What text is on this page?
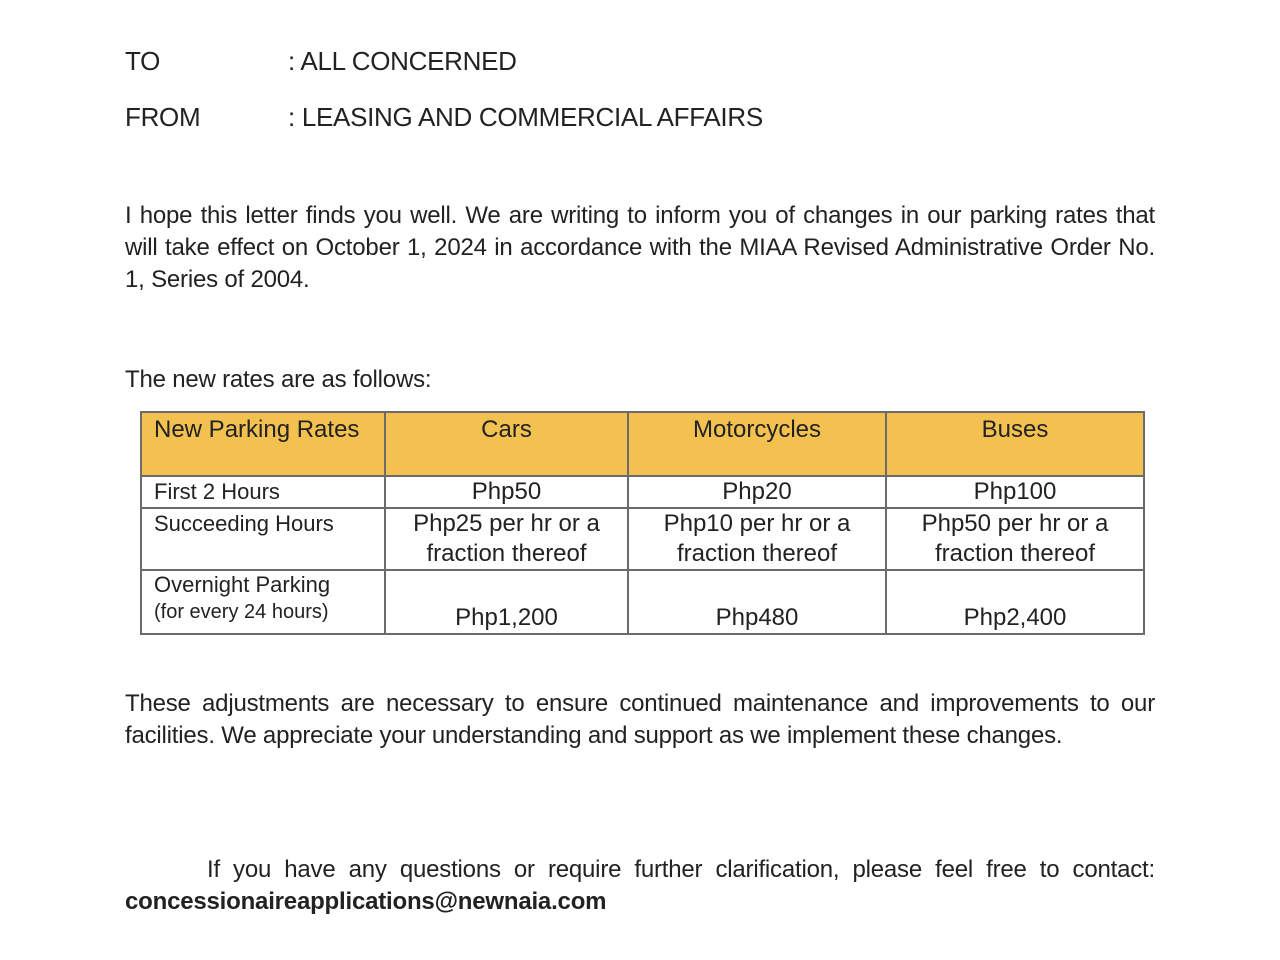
TO	: ALL CONCERNED
FROM	: LEASING AND COMMERCIAL AFFAIRS

I hope this letter finds you well. We are writing to inform you of changes in our parking rates that will take effect on October 1, 2024 in accordance with the MIAA Revised Administrative Order No. 1, Series of 2004.

The new rates are as follows:

New Parking Rates	Cars	Motorcycles	Buses
First 2 Hours	Php50	Php20	Php100
Succeeding Hours	Php25 per hr or a fraction thereof	Php10 per hr or a fraction thereof	Php50 per hr or a fraction thereof
Overnight Parking
(for every 24 hours)	Php1,200	Php480	Php2,400

These adjustments are necessary to ensure continued maintenance and improvements to our facilities. We appreciate your understanding and support as we implement these changes.

If you have any questions or require further clarification, please feel free to contact: concessionaireapplications@newnaia.com
